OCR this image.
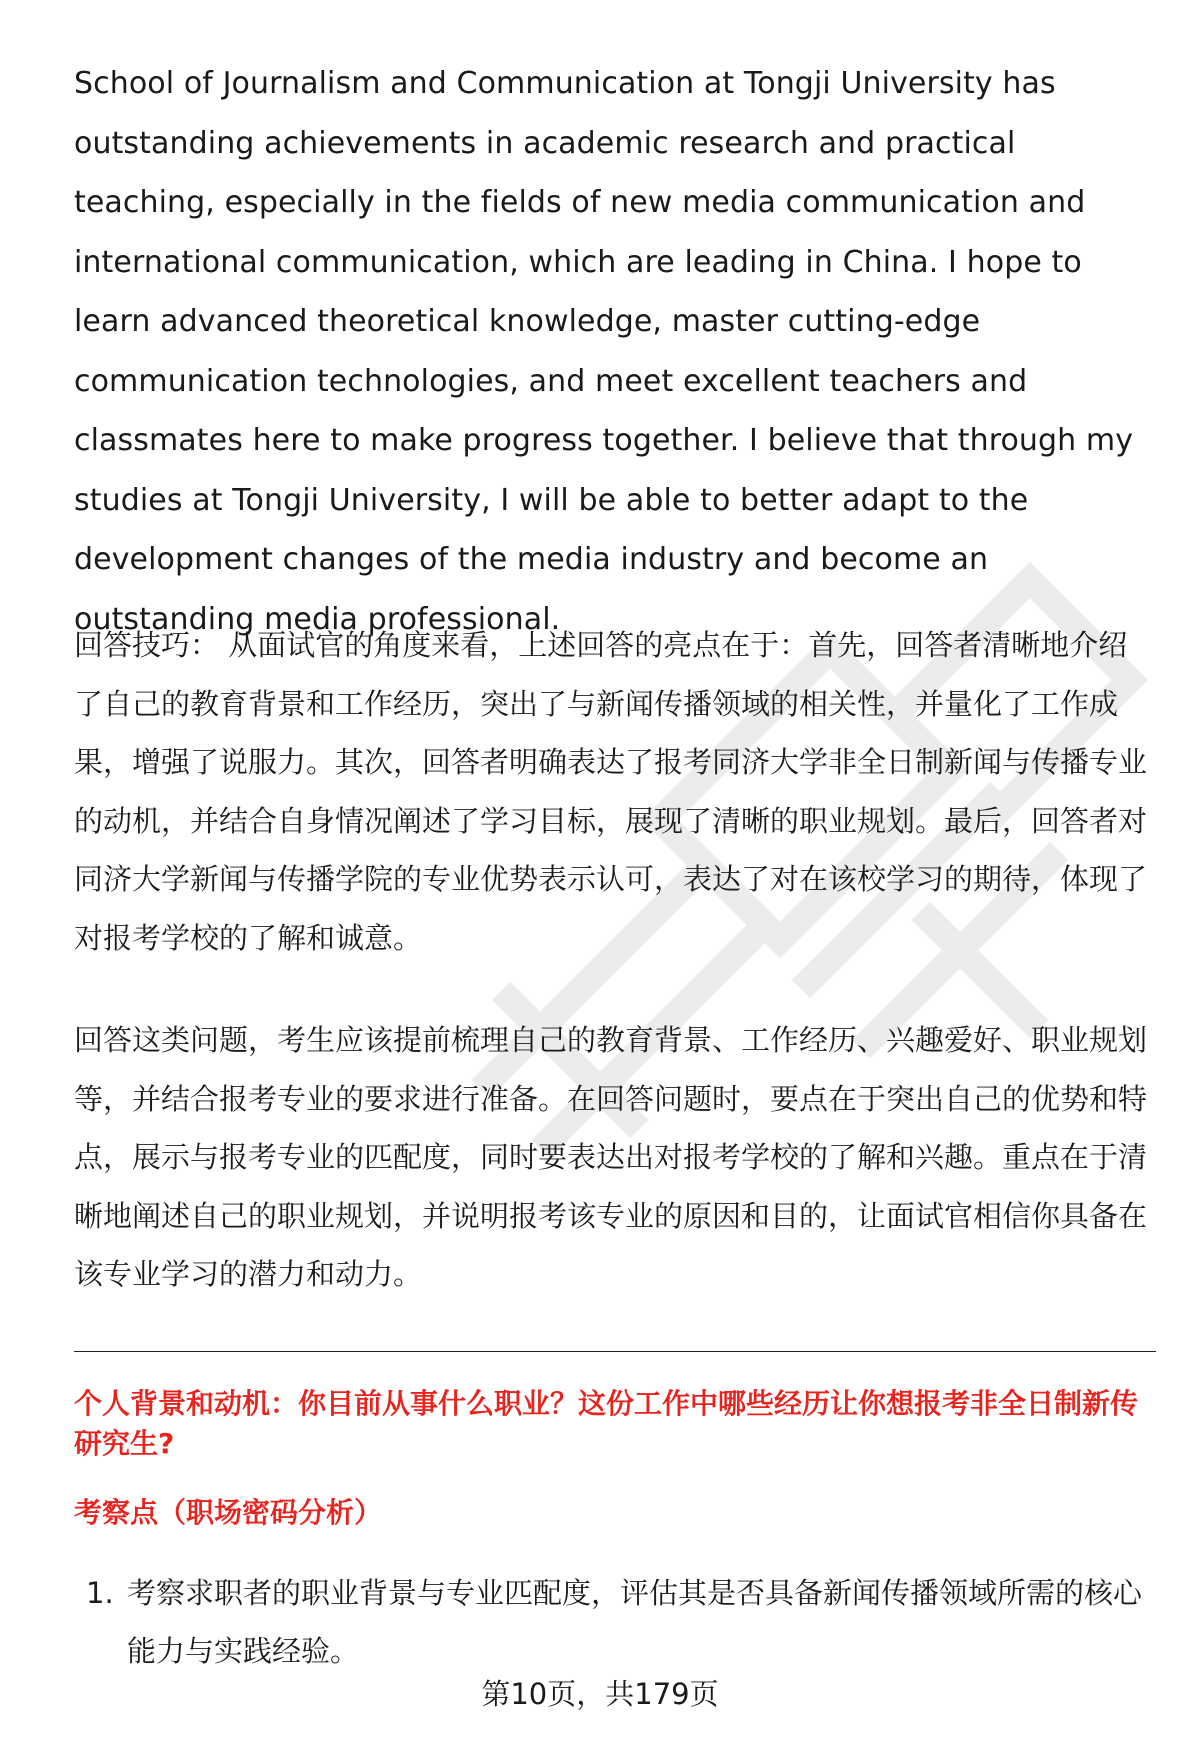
School of Journalism and Communication at Tongji University has outstanding achievements in academic research and practical teaching, especially in the fields of new media communication and international communication, which are leading in China. I hope to learn advanced theoretical knowledge, master cutting-edge communication technologies, and meet excellent teachers and classmates here to make progress together. I believe that through my studies at Tongji University, I will be able to better adapt to the development changes of the media industry and become an outstanding media professional.

回答技巧： 从面试官的角度来看，上述回答的亮点在于：首先，回答者清晰地介绍了自己的教育背景和工作经历，突出了与新闻传播领域的相关性，并量化了工作成果，增强了说服力。其次，回答者明确表达了报考同济大学非全日制新闻与传播专业的动机，并结合自身情况阐述了学习目标，展现了清晰的职业规划。最后，回答者对同济大学新闻与传播学院的专业优势表示认可，表达了对在该校学习的期待，体现了对报考学校的了解和诚意。

回答这类问题，考生应该提前梳理自己的教育背景、工作经历、兴趣爱好、职业规划等，并结合报考专业的要求进行准备。在回答问题时，要点在于突出自己的优势和特点，展示与报考专业的匹配度，同时要表达出对报考学校的了解和兴趣。重点在于清晰地阐述自己的职业规划，并说明报考该专业的原因和目的，让面试官相信你具备在该专业学习的潜力和动力。

个人背景和动机：你目前从事什么职业？这份工作中哪些经历让你想报考非全日制新传研究生?
考察点（职场密码分析）
1. 考察求职者的职业背景与专业匹配度，评估其是否具备新闻传播领域所需的核心能力与实践经验。
第10页，共179页
